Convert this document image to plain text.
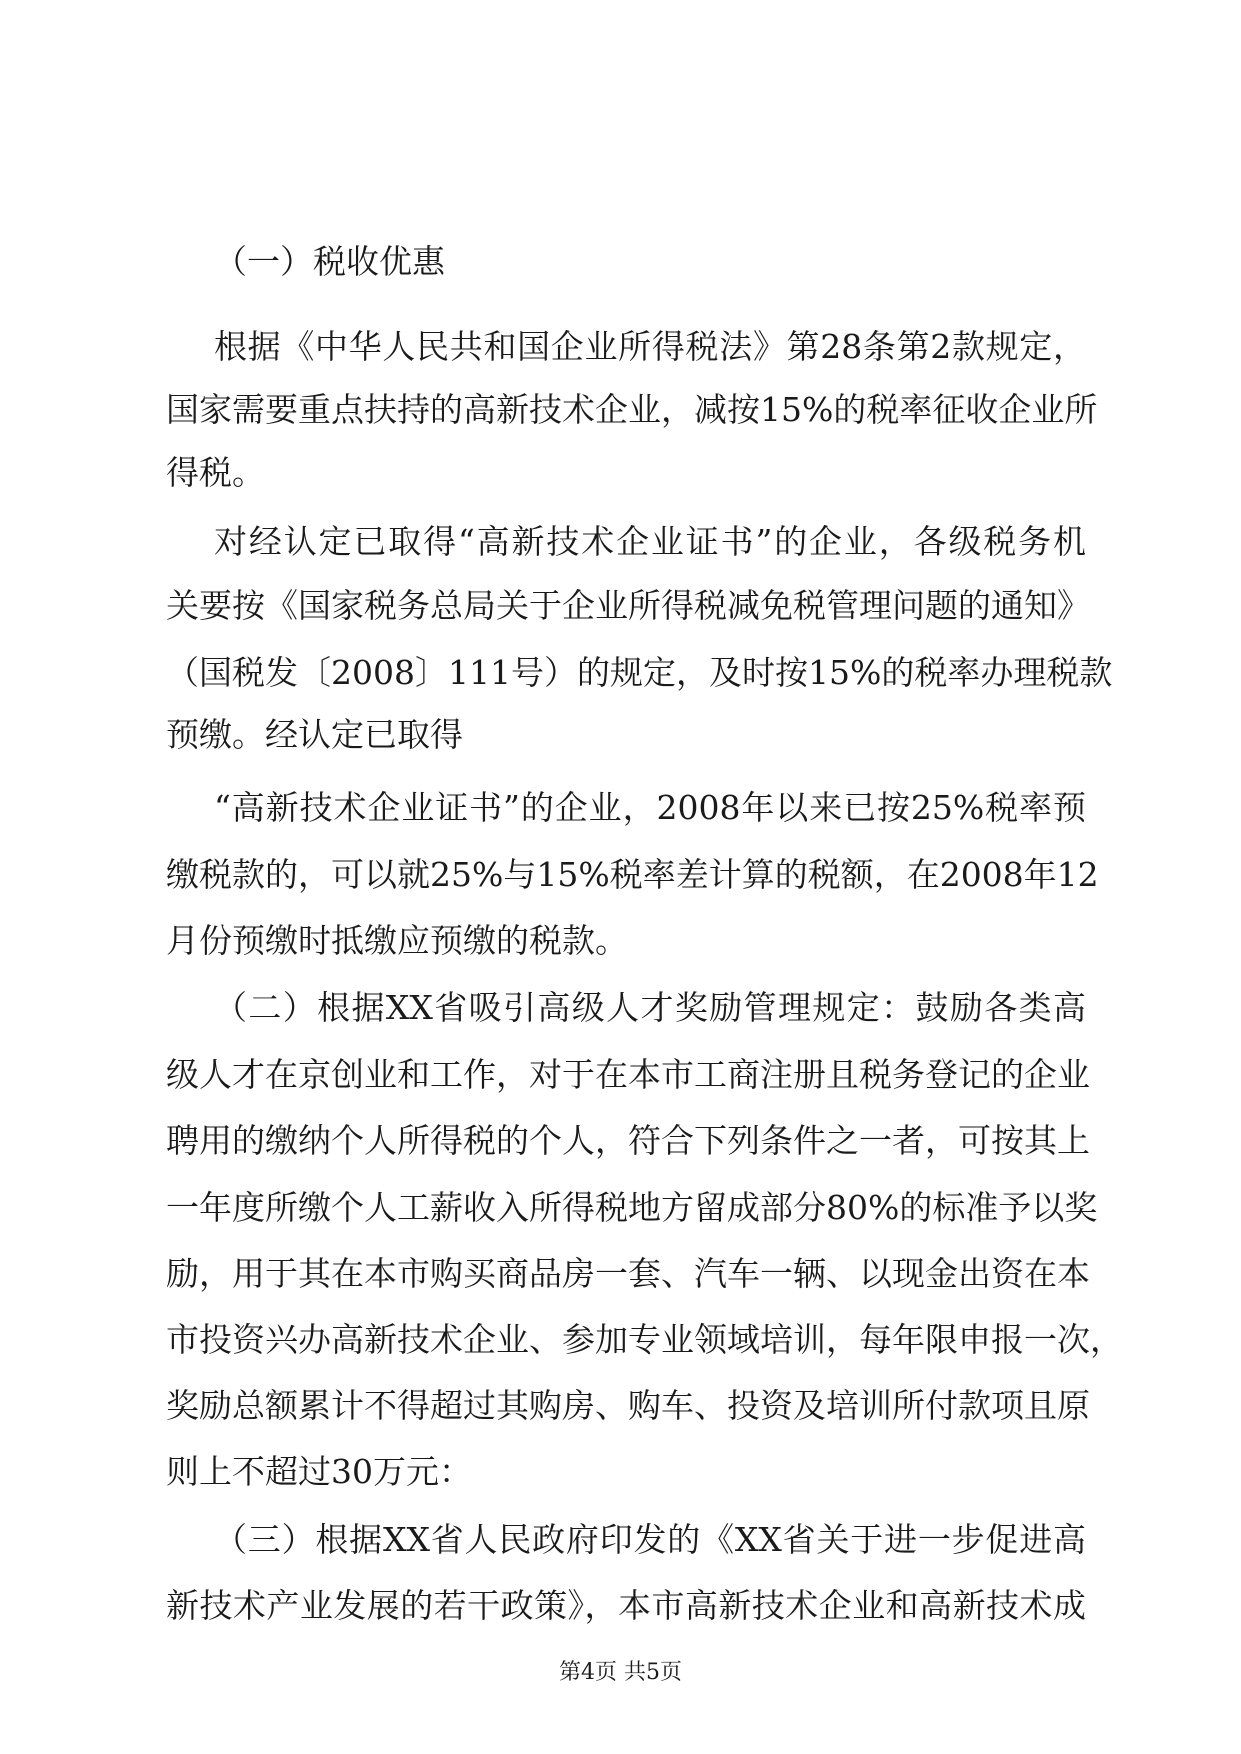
（一）税收优惠
根据《中华人民共和国企业所得税法》第28条第2款规定，
国家需要重点扶持的高新技术企业，减按15%的税率征收企业所
得税。
对经认定已取得“高新技术企业证书”的企业，各级税务机
关要按《国家税务总局关于企业所得税减免税管理问题的通知》
（国税发〔2008〕111号）的规定，及时按15%的税率办理税款
预缴。经认定已取得
“高新技术企业证书”的企业，2008年以来已按25%税率预
缴税款的，可以就25%与15%税率差计算的税额，在2008年12
月份预缴时抵缴应预缴的税款。
（二）根据XX省吸引高级人才奖励管理规定：鼓励各类高
级人才在京创业和工作，对于在本市工商注册且税务登记的企业
聘用的缴纳个人所得税的个人，符合下列条件之一者，可按其上
一年度所缴个人工薪收入所得税地方留成部分80%的标准予以奖
励，用于其在本市购买商品房一套、汽车一辆、以现金出资在本
市投资兴办高新技术企业、参加专业领域培训，每年限申报一次，
奖励总额累计不得超过其购房、购车、投资及培训所付款项且原
则上不超过30万元：
（三）根据XX省人民政府印发的《XX省关于进一步促进高
新技术产业发展的若干政策》，本市高新技术企业和高新技术成
第4页 共5页
